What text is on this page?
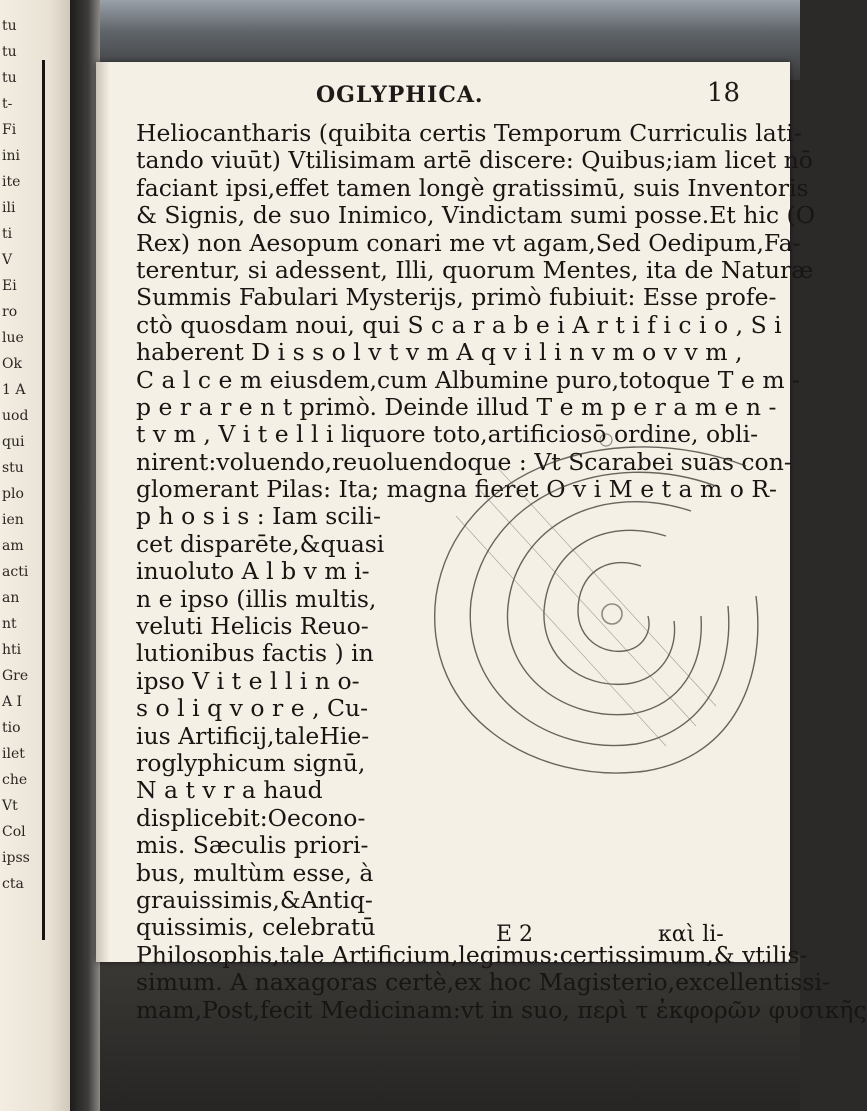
tu
tu
tu
t-
Fi
ini
ite
ili
ti
V
Ei
ro
lue
Ok
1 A
uod
qui
stu
plo
ien
am
acti
an
nt
hti
Gre
A I
tio
ilet
che
Vt
Col
ipss
cta
OGLYPHICA.	18
Heliocantharis (quibita certis Temporum Curriculis lati-
tando viuūt) Vtilisimam artē discere: Quibus;iam licet nō
faciant ipsi,effet tamen longè gratissimū, suis Inventoris
& Signis, de suo Inimico, Vindictam sumi posse.Et hic (O
Rex) non Aesopum conari me vt agam,Sed Oedipum,Fa-
terentur, si adessent, Illi, quorum Mentes, ita de Naturæ
Summis Fabulari Mysterijs, primò fubiuit: Esse profe-
ctò quosdam noui, qui S c a r a b e i A r t i f i c i o , S i
haberent D i s s o l v t v m A q v i l i n v m o v v m ,
C a l c e m eiusdem,cum Albumine puro,totoque T e m -
p e r a r e n t primò. Deinde illud T e m p e r a m e n -
t v m , V i t e l l i liquore toto,artificiosō ordine, obli-
nirent:voluendo,reuoluendoque : Vt Scarabei suas con-
glomerant Pilas: Ita; magna fieret O v i M e t a m o R-
p h o s i s : Iam scili-
cet disparēte,&quasi
inuoluto A l b v m i-
n e ipso (illis multis,
veluti Helicis Reuo-
lutionibus factis ) in
ipso V i t e l l i n o-
s o l i q v o r e , Cu-
ius Artificij,taleHie-
roglyphicum signū,
N a t v r a haud
displicebit:Oecono-
mis. Sæculis priori-
bus, multùm esse, à
grauissimis,&Antiq-
quissimis, celebratū
Philosophis,tale Artificium,legimus:certissimum,& vtilis-
simum. A naxagoras certè,ex hoc Magisterio,excellentissi-
mam,Post,fecit Medicinam:vt in suo, περὶ τ ἐκφορῶν φυσικῆς
E 2	καὶ li-
